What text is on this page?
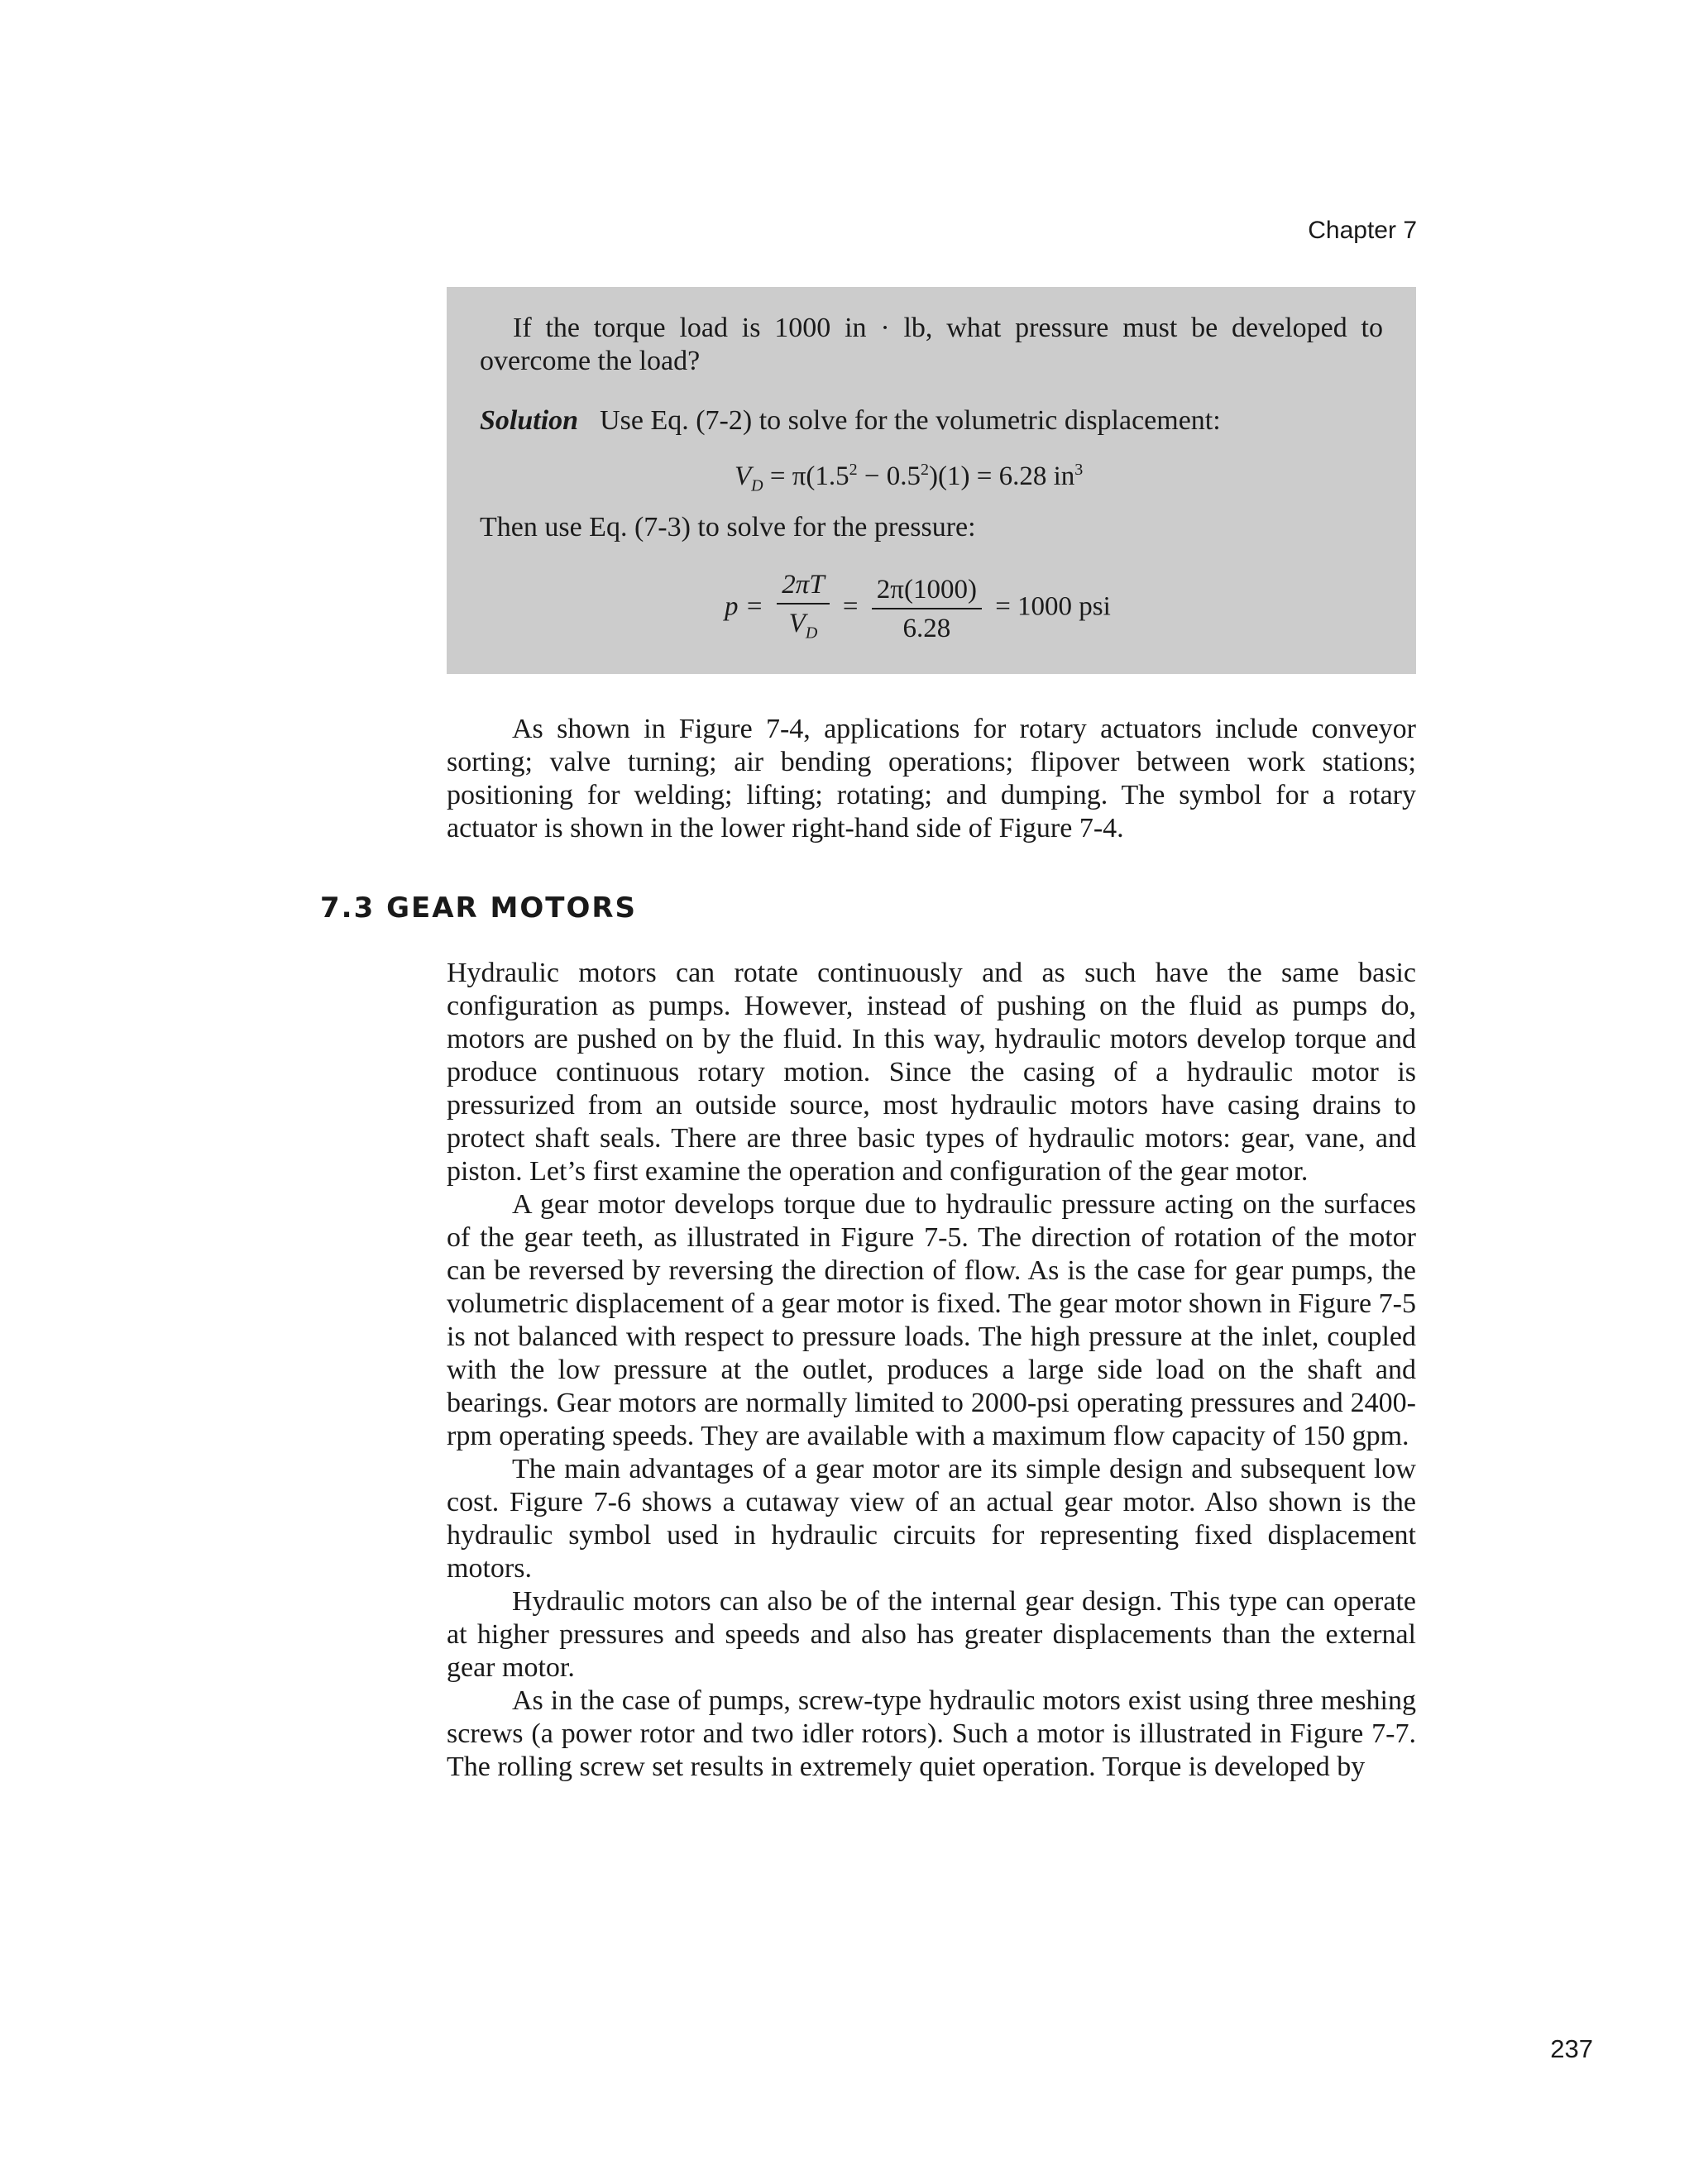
Chapter 7

If the torque load is 1000 in · lb, what pressure must be developed to overcome the load?

Solution Use Eq. (7-2) to solve for the volumetric displacement:
$V_D = \pi(1.5^2 - 0.5^2)(1) = 6.28$ $in^3$
Then use Eq. (7-3) to solve for the pressure:
$p = \frac{2\pi T}{V_D} = \frac{2\pi(1000)}{6.28} = 1000$ psi

As shown in Figure 7-4, applications for rotary actuators include conveyor sorting; valve turning; air bending operations; flipover between work stations; positioning for welding; lifting; rotating; and dumping. The symbol for a rotary actuator is shown in the lower right-hand side of Figure 7-4.

7.3 GEAR MOTORS

Hydraulic motors can rotate continuously and as such have the same basic configuration as pumps. However, instead of pushing on the fluid as pumps do, motors are pushed on by the fluid. In this way, hydraulic motors develop torque and produce continuous rotary motion. Since the casing of a hydraulic motor is pressurized from an outside source, most hydraulic motors have casing drains to protect shaft seals. There are three basic types of hydraulic motors: gear, vane, and piston. Let’s first examine the operation and configuration of the gear motor.

A gear motor develops torque due to hydraulic pressure acting on the surfaces of the gear teeth, as illustrated in Figure 7-5. The direction of rotation of the motor can be reversed by reversing the direction of flow. As is the case for gear pumps, the volumetric displacement of a gear motor is fixed. The gear motor shown in Figure 7-5 is not balanced with respect to pressure loads. The high pressure at the inlet, coupled with the low pressure at the outlet, produces a large side load on the shaft and bearings. Gear motors are normally limited to 2000-psi operating pressures and 2400-rpm operating speeds. They are available with a maximum flow capacity of 150 gpm.

The main advantages of a gear motor are its simple design and subsequent low cost. Figure 7-6 shows a cutaway view of an actual gear motor. Also shown is the hydraulic symbol used in hydraulic circuits for representing fixed displacement motors.

Hydraulic motors can also be of the internal gear design. This type can operate at higher pressures and speeds and also has greater displacements than the external gear motor.

As in the case of pumps, screw-type hydraulic motors exist using three meshing screws (a power rotor and two idler rotors). Such a motor is illustrated in Figure 7-7. The rolling screw set results in extremely quiet operation. Torque is developed by

237
